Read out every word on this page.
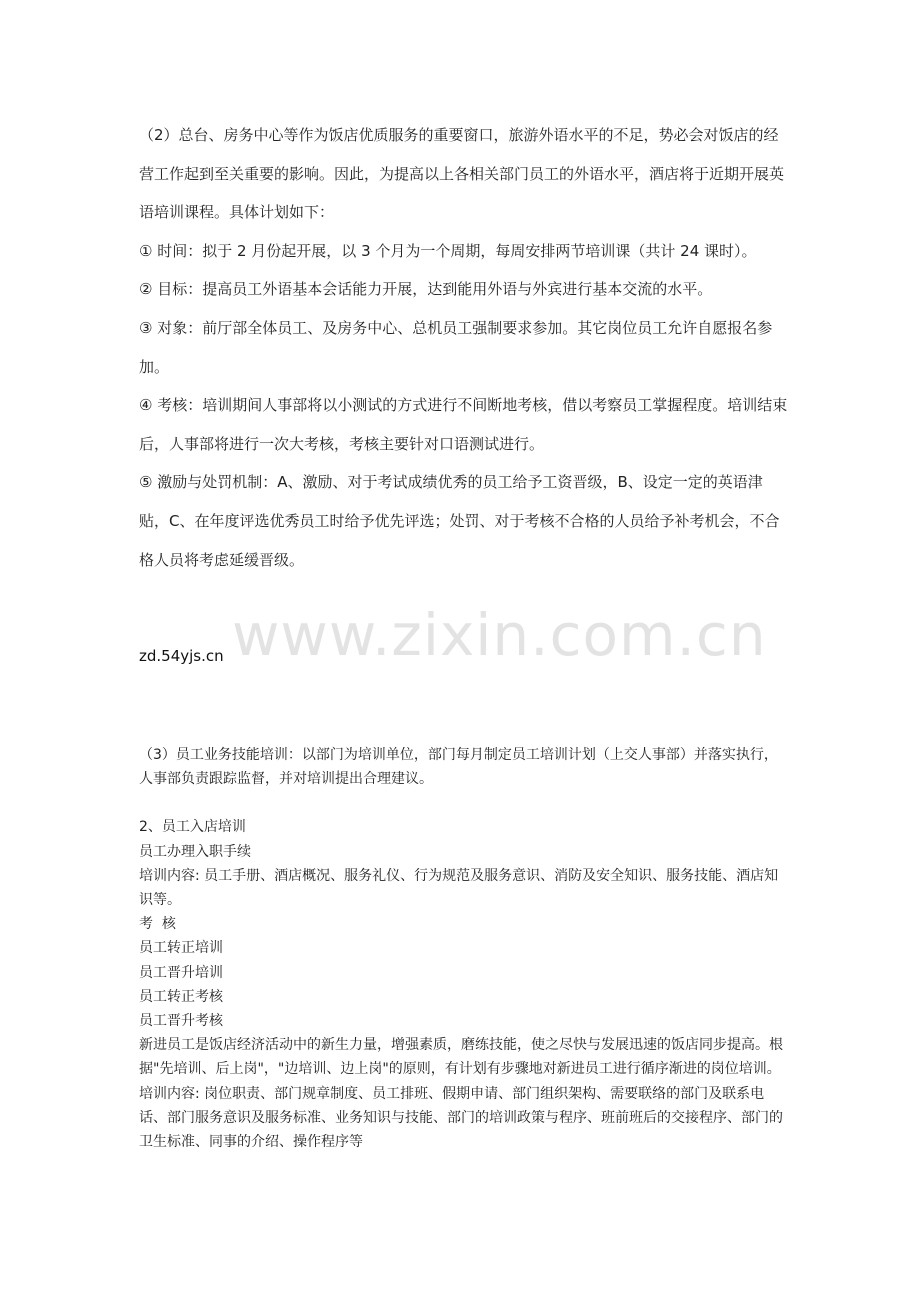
（2）总台、房务中心等作为饭店优质服务的重要窗口，旅游外语水平的不足，势必会对饭店的经营工作起到至关重要的影响。因此，为提高以上各相关部门员工的外语水平，酒店将于近期开展英语培训课程。具体计划如下：

① 时间：拟于 2 月份起开展，以 3 个月为一个周期，每周安排两节培训课（共计 24 课时）。

② 目标：提高员工外语基本会话能力开展，达到能用外语与外宾进行基本交流的水平。

③ 对象：前厅部全体员工、及房务中心、总机员工强制要求参加。其它岗位员工允许自愿报名参加。

④ 考核：培训期间人事部将以小测试的方式进行不间断地考核，借以考察员工掌握程度。培训结束后，人事部将进行一次大考核，考核主要针对口语测试进行。

⑤ 激励与处罚机制：A、激励、对于考试成绩优秀的员工给予工资晋级，B、设定一定的英语津贴，C、在年度评选优秀员工时给予优先评选；处罚、对于考核不合格的人员给予补考机会，不合格人员将考虑延缓晋级。

www.zixin.com.cn
zd.54yjs.cn

（3）员工业务技能培训：以部门为培训单位，部门每月制定员工培训计划（上交人事部）并落实执行，人事部负责跟踪监督，并对培训提出合理建议。

2、员工入店培训

员工办理入职手续

培训内容: 员工手册、酒店概况、服务礼仪、行为规范及服务意识、消防及安全知识、服务技能、酒店知识等。

考  核

员工转正培训

员工晋升培训

员工转正考核

员工晋升考核

新进员工是饭店经济活动中的新生力量，增强素质，磨练技能，使之尽快与发展迅速的饭店同步提高。根据"先培训、后上岗"，"边培训、边上岗"的原则，有计划有步骤地对新进员工进行循序渐进的岗位培训。

培训内容: 岗位职责、部门规章制度、员工排班、假期申请、部门组织架构、需要联络的部门及联系电话、部门服务意识及服务标准、业务知识与技能、部门的培训政策与程序、班前班后的交接程序、部门的卫生标准、同事的介绍、操作程序等
